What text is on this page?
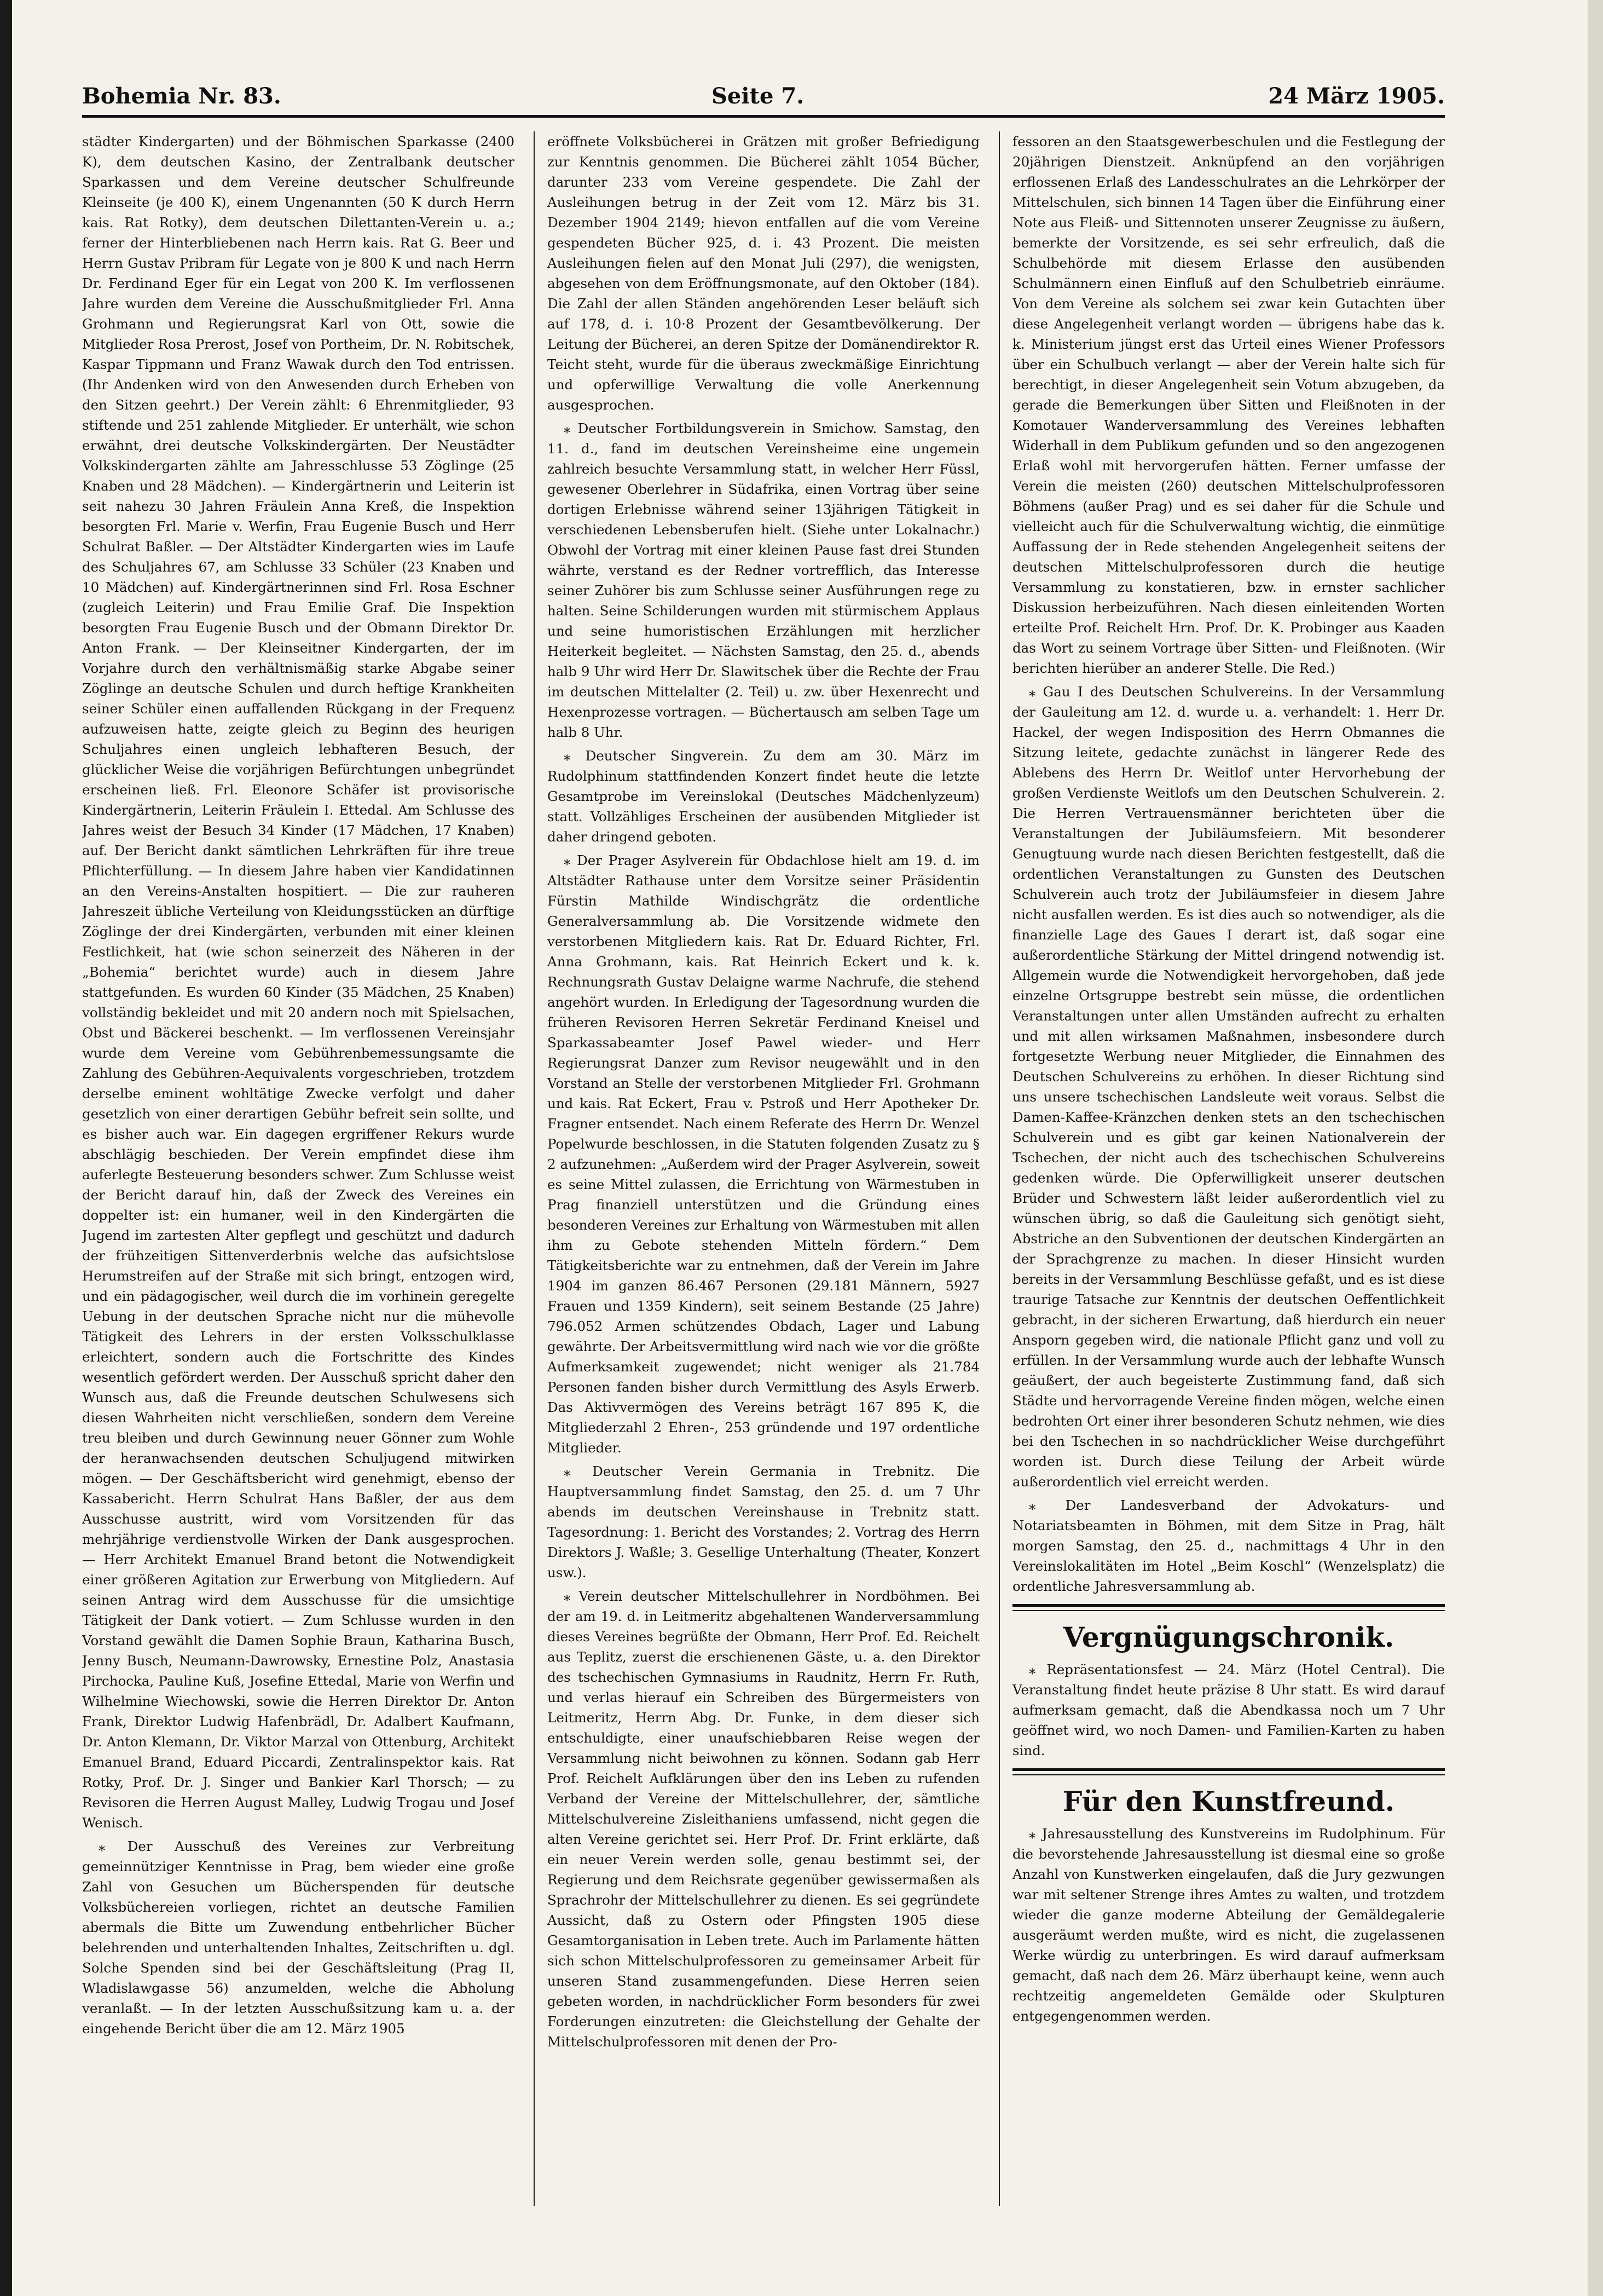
Bohemia Nr. 83.	Seite 7.	24 März 1905.

städter Kindergarten) und der Böhmischen Sparkasse (2400 K), dem deutschen Kasino, der Zentralbank deutscher Sparkassen und dem Vereine deutscher Schulfreunde Kleinseite (je 400 K), einem Ungenannten (50 K durch Herrn kais. Rat Rotky), dem deutschen Dilettanten-Verein u. a.; ferner der Hinterbliebenen nach Herrn kais. Rat G. Beer und Herrn Gustav Pribram für Legate von je 800 K und nach Herrn Dr. Ferdinand Eger für ein Legat von 200 K. Im verflossenen Jahre wurden dem Vereine die Ausschußmitglieder Frl. Anna Grohmann und Regierungsrat Karl von Ott, sowie die Mitglieder Rosa Prerost, Josef von Portheim, Dr. N. Robitschek, Kaspar Tippmann und Franz Wawak durch den Tod entrissen. (Ihr Andenken wird von den Anwesenden durch Erheben von den Sitzen geehrt.) Der Verein zählt: 6 Ehrenmitglieder, 93 stiftende und 251 zahlende Mitglieder. Er unterhält, wie schon erwähnt, drei deutsche Volkskindergärten. Der Neustädter Volkskindergarten zählte am Jahresschlusse 53 Zöglinge (25 Knaben und 28 Mädchen). — Kindergärtnerin und Leiterin ist seit nahezu 30 Jahren Fräulein Anna Kreß, die Inspektion besorgten Frl. Marie v. Werfin, Frau Eugenie Busch und Herr Schulrat Baßler. — Der Altstädter Kindergarten wies im Laufe des Schuljahres 67, am Schlusse 33 Schüler (23 Knaben und 10 Mädchen) auf. Kindergärtnerinnen sind Frl. Rosa Eschner (zugleich Leiterin) und Frau Emilie Graf. Die Inspektion besorgten Frau Eugenie Busch und der Obmann Direktor Dr. Anton Frank. — Der Kleinseitner Kindergarten, der im Vorjahre durch den verhältnismäßig starke Abgabe seiner Zöglinge an deutsche Schulen und durch heftige Krankheiten seiner Schüler einen auffallenden Rückgang in der Frequenz aufzuweisen hatte, zeigte gleich zu Beginn des heurigen Schuljahres einen ungleich lebhafteren Besuch, der glücklicher Weise die vorjährigen Befürchtungen unbegründet erscheinen ließ. Frl. Eleonore Schäfer ist provisorische Kindergärtnerin, Leiterin Fräulein I. Ettedal. Am Schlusse des Jahres weist der Besuch 34 Kinder (17 Mädchen, 17 Knaben) auf. Der Bericht dankt sämtlichen Lehrkräften für ihre treue Pflichterfüllung. — In diesem Jahre haben vier Kandidatinnen an den Vereins-Anstalten hospitiert. — Die zur rauheren Jahreszeit übliche Verteilung von Kleidungsstücken an dürftige Zöglinge der drei Kindergärten, verbunden mit einer kleinen Festlichkeit, hat (wie schon seinerzeit des Näheren in der „Bohemia“ berichtet wurde) auch in diesem Jahre stattgefunden. Es wurden 60 Kinder (35 Mädchen, 25 Knaben) vollständig bekleidet und mit 20 andern noch mit Spielsachen, Obst und Bäckerei beschenkt. — Im verflossenen Vereinsjahr wurde dem Vereine vom Gebührenbemessungsamte die Zahlung des Gebühren-Aequivalents vorgeschrieben, trotzdem derselbe eminent wohltätige Zwecke verfolgt und daher gesetzlich von einer derartigen Gebühr befreit sein sollte, und es bisher auch war. Ein dagegen ergriffener Rekurs wurde abschlägig beschieden. Der Verein empfindet diese ihm auferlegte Besteuerung besonders schwer. Zum Schlusse weist der Bericht darauf hin, daß der Zweck des Vereines ein doppelter ist: ein humaner, weil in den Kindergärten die Jugend im zartesten Alter gepflegt und geschützt und dadurch der frühzeitigen Sittenverderbnis welche das aufsichtslose Herumstreifen auf der Straße mit sich bringt, entzogen wird, und ein pädagogischer, weil durch die im vorhinein geregelte Uebung in der deutschen Sprache nicht nur die mühevolle Tätigkeit des Lehrers in der ersten Volksschulklasse erleichtert, sondern auch die Fortschritte des Kindes wesentlich gefördert werden. Der Ausschuß spricht daher den Wunsch aus, daß die Freunde deutschen Schulwesens sich diesen Wahrheiten nicht verschließen, sondern dem Vereine treu bleiben und durch Gewinnung neuer Gönner zum Wohle der heranwachsenden deutschen Schuljugend mitwirken mögen. — Der Geschäftsbericht wird genehmigt, ebenso der Kassabericht. Herrn Schulrat Hans Baßler, der aus dem Ausschusse austritt, wird vom Vorsitzenden für das mehrjährige verdienstvolle Wirken der Dank ausgesprochen. — Herr Architekt Emanuel Brand betont die Notwendigkeit einer größeren Agitation zur Erwerbung von Mitgliedern. Auf seinen Antrag wird dem Ausschusse für die umsichtige Tätigkeit der Dank votiert. — Zum Schlusse wurden in den Vorstand gewählt die Damen Sophie Braun, Katharina Busch, Jenny Busch, Neumann-Dawrowsky, Ernestine Polz, Anastasia Pirchocka, Pauline Kuß, Josefine Ettedal, Marie von Werfin und Wilhelmine Wiechowski, sowie die Herren Direktor Dr. Anton Frank, Direktor Ludwig Hafenbrädl, Dr. Adalbert Kaufmann, Dr. Anton Klemann, Dr. Viktor Marzal von Ottenburg, Architekt Emanuel Brand, Eduard Piccardi, Zentralinspektor kais. Rat Rotky, Prof. Dr. J. Singer und Bankier Karl Thorsch; — zu Revisoren die Herren August Malley, Ludwig Trogau und Josef Wenisch.

⁎ Der Ausschuß des Vereines zur Verbreitung gemeinnütziger Kenntnisse in Prag, bem wieder eine große Zahl von Gesuchen um Bücherspenden für deutsche Volksbüchereien vorliegen, richtet an deutsche Familien abermals die Bitte um Zuwendung entbehrlicher Bücher belehrenden und unterhaltenden Inhaltes, Zeitschriften u. dgl. Solche Spenden sind bei der Geschäftsleitung (Prag II, Wladislawgasse 56) anzumelden, welche die Abholung veranlaßt. — In der letzten Ausschußsitzung kam u. a. der eingehende Bericht über die am 12. März 1905

eröffnete Volksbücherei in Grätzen mit großer Befriedigung zur Kenntnis genommen. Die Bücherei zählt 1054 Bücher, darunter 233 vom Vereine gespendete. Die Zahl der Ausleihungen betrug in der Zeit vom 12. März bis 31. Dezember 1904 2149; hievon entfallen auf die vom Vereine gespendeten Bücher 925, d. i. 43 Prozent. Die meisten Ausleihungen fielen auf den Monat Juli (297), die wenigsten, abgesehen von dem Eröffnungsmonate, auf den Oktober (184). Die Zahl der allen Ständen angehörenden Leser beläuft sich auf 178, d. i. 10·8 Prozent der Gesamtbevölkerung. Der Leitung der Bücherei, an deren Spitze der Domänendirektor R. Teicht steht, wurde für die überaus zweckmäßige Einrichtung und opferwillige Verwaltung die volle Anerkennung ausgesprochen.

⁎ Deutscher Fortbildungsverein in Smichow. Samstag, den 11. d., fand im deutschen Vereinsheime eine ungemein zahlreich besuchte Versammlung statt, in welcher Herr Füssl, gewesener Oberlehrer in Südafrika, einen Vortrag über seine dortigen Erlebnisse während seiner 13jährigen Tätigkeit in verschiedenen Lebensberufen hielt. (Siehe unter Lokalnachr.) Obwohl der Vortrag mit einer kleinen Pause fast drei Stunden währte, verstand es der Redner vortrefflich, das Interesse seiner Zuhörer bis zum Schlusse seiner Ausführungen rege zu halten. Seine Schilderungen wurden mit stürmischem Applaus und seine humoristischen Erzählungen mit herzlicher Heiterkeit begleitet. — Nächsten Samstag, den 25. d., abends halb 9 Uhr wird Herr Dr. Slawitschek über die Rechte der Frau im deutschen Mittelalter (2. Teil) u. zw. über Hexenrecht und Hexenprozesse vortragen. — Büchertausch am selben Tage um halb 8 Uhr.

⁎ Deutscher Singverein. Zu dem am 30. März im Rudolphinum stattfindenden Konzert findet heute die letzte Gesamtprobe im Vereinslokal (Deutsches Mädchenlyzeum) statt. Vollzähliges Erscheinen der ausübenden Mitglieder ist daher dringend geboten.

⁎ Der Prager Asylverein für Obdachlose hielt am 19. d. im Altstädter Rathause unter dem Vorsitze seiner Präsidentin Fürstin Mathilde Windischgrätz die ordentliche Generalversammlung ab. Die Vorsitzende widmete den verstorbenen Mitgliedern kais. Rat Dr. Eduard Richter, Frl. Anna Grohmann, kais. Rat Heinrich Eckert und k. k. Rechnungsrath Gustav Delaigne warme Nachrufe, die stehend angehört wurden. In Erledigung der Tagesordnung wurden die früheren Revisoren Herren Sekretär Ferdinand Kneisel und Sparkassabeamter Josef Pawel wieder- und Herr Regierungsrat Danzer zum Revisor neugewählt und in den Vorstand an Stelle der verstorbenen Mitglieder Frl. Grohmann und kais. Rat Eckert, Frau v. Pstroß und Herr Apotheker Dr. Fragner entsendet. Nach einem Referate des Herrn Dr. Wenzel Popelwurde beschlossen, in die Statuten folgenden Zusatz zu § 2 aufzunehmen: „Außerdem wird der Prager Asylverein, soweit es seine Mittel zulassen, die Errichtung von Wärmestuben in Prag finanziell unterstützen und die Gründung eines besonderen Vereines zur Erhaltung von Wärmestuben mit allen ihm zu Gebote stehenden Mitteln fördern.“ Dem Tätigkeitsberichte war zu entnehmen, daß der Verein im Jahre 1904 im ganzen 86.467 Personen (29.181 Männern, 5927 Frauen und 1359 Kindern), seit seinem Bestande (25 Jahre) 796.052 Armen schützendes Obdach, Lager und Labung gewährte. Der Arbeitsvermittlung wird nach wie vor die größte Aufmerksamkeit zugewendet; nicht weniger als 21.784 Personen fanden bisher durch Vermittlung des Asyls Erwerb. Das Aktivvermögen des Vereins beträgt 167 895 K, die Mitgliederzahl 2 Ehren-, 253 gründende und 197 ordentliche Mitglieder.

⁎ Deutscher Verein Germania in Trebnitz. Die Hauptversammlung findet Samstag, den 25. d. um 7 Uhr abends im deutschen Vereinshause in Trebnitz statt. Tagesordnung: 1. Bericht des Vorstandes; 2. Vortrag des Herrn Direktors J. Waßle; 3. Gesellige Unterhaltung (Theater, Konzert usw.).

⁎ Verein deutscher Mittelschullehrer in Nordböhmen. Bei der am 19. d. in Leitmeritz abgehaltenen Wanderversammlung dieses Vereines begrüßte der Obmann, Herr Prof. Ed. Reichelt aus Teplitz, zuerst die erschienenen Gäste, u. a. den Direktor des tschechischen Gymnasiums in Raudnitz, Herrn Fr. Ruth, und verlas hierauf ein Schreiben des Bürgermeisters von Leitmeritz, Herrn Abg. Dr. Funke, in dem dieser sich entschuldigte, einer unaufschiebbaren Reise wegen der Versammlung nicht beiwohnen zu können. Sodann gab Herr Prof. Reichelt Aufklärungen über den ins Leben zu rufenden Verband der Vereine der Mittelschullehrer, der, sämtliche Mittelschulvereine Zisleithaniens umfassend, nicht gegen die alten Vereine gerichtet sei. Herr Prof. Dr. Frint erklärte, daß ein neuer Verein werden solle, genau bestimmt sei, der Regierung und dem Reichsrate gegenüber gewissermaßen als Sprachrohr der Mittelschullehrer zu dienen. Es sei gegründete Aussicht, daß zu Ostern oder Pfingsten 1905 diese Gesamtorganisation in Leben trete. Auch im Parlamente hätten sich schon Mittelschulprofessoren zu gemeinsamer Arbeit für unseren Stand zusammengefunden. Diese Herren seien gebeten worden, in nachdrücklicher Form besonders für zwei Forderungen einzutreten: die Gleichstellung der Gehalte der Mittelschulprofessoren mit denen der Pro-

fessoren an den Staatsgewerbeschulen und die Festlegung der 20jährigen Dienstzeit. Anknüpfend an den vorjährigen erflossenen Erlaß des Landesschulrates an die Lehrkörper der Mittelschulen, sich binnen 14 Tagen über die Einführung einer Note aus Fleiß- und Sittennoten unserer Zeugnisse zu äußern, bemerkte der Vorsitzende, es sei sehr erfreulich, daß die Schulbehörde mit diesem Erlasse den ausübenden Schulmännern einen Einfluß auf den Schulbetrieb einräume. Von dem Vereine als solchem sei zwar kein Gutachten über diese Angelegenheit verlangt worden — übrigens habe das k. k. Ministerium jüngst erst das Urteil eines Wiener Professors über ein Schulbuch verlangt — aber der Verein halte sich für berechtigt, in dieser Angelegenheit sein Votum abzugeben, da gerade die Bemerkungen über Sitten und Fleißnoten in der Komotauer Wanderversammlung des Vereines lebhaften Widerhall in dem Publikum gefunden und so den angezogenen Erlaß wohl mit hervorgerufen hätten. Ferner umfasse der Verein die meisten (260) deutschen Mittelschulprofessoren Böhmens (außer Prag) und es sei daher für die Schule und vielleicht auch für die Schulverwaltung wichtig, die einmütige Auffassung der in Rede stehenden Angelegenheit seitens der deutschen Mittelschulprofessoren durch die heutige Versammlung zu konstatieren, bzw. in ernster sachlicher Diskussion herbeizuführen. Nach diesen einleitenden Worten erteilte Prof. Reichelt Hrn. Prof. Dr. K. Probinger aus Kaaden das Wort zu seinem Vortrage über Sitten- und Fleißnoten. (Wir berichten hierüber an anderer Stelle. Die Red.)

⁎ Gau I des Deutschen Schulvereins. In der Versammlung der Gauleitung am 12. d. wurde u. a. verhandelt: 1. Herr Dr. Hackel, der wegen Indisposition des Herrn Obmannes die Sitzung leitete, gedachte zunächst in längerer Rede des Ablebens des Herrn Dr. Weitlof unter Hervorhebung der großen Verdienste Weitlofs um den Deutschen Schulverein. 2. Die Herren Vertrauensmänner berichteten über die Veranstaltungen der Jubiläumsfeiern. Mit besonderer Genugtuung wurde nach diesen Berichten festgestellt, daß die ordentlichen Veranstaltungen zu Gunsten des Deutschen Schulverein auch trotz der Jubiläumsfeier in diesem Jahre nicht ausfallen werden. Es ist dies auch so notwendiger, als die finanzielle Lage des Gaues I derart ist, daß sogar eine außerordentliche Stärkung der Mittel dringend notwendig ist. Allgemein wurde die Notwendigkeit hervorgehoben, daß jede einzelne Ortsgruppe bestrebt sein müsse, die ordentlichen Veranstaltungen unter allen Umständen aufrecht zu erhalten und mit allen wirksamen Maßnahmen, insbesondere durch fortgesetzte Werbung neuer Mitglieder, die Einnahmen des Deutschen Schulvereins zu erhöhen. In dieser Richtung sind uns unsere tschechischen Landsleute weit voraus. Selbst die Damen-Kaffee-Kränzchen denken stets an den tschechischen Schulverein und es gibt gar keinen Nationalverein der Tschechen, der nicht auch des tschechischen Schulvereins gedenken würde. Die Opferwilligkeit unserer deutschen Brüder und Schwestern läßt leider außerordentlich viel zu wünschen übrig, so daß die Gauleitung sich genötigt sieht, Abstriche an den Subventionen der deutschen Kindergärten an der Sprachgrenze zu machen. In dieser Hinsicht wurden bereits in der Versammlung Beschlüsse gefaßt, und es ist diese traurige Tatsache zur Kenntnis der deutschen Oeffentlichkeit gebracht, in der sicheren Erwartung, daß hierdurch ein neuer Ansporn gegeben wird, die nationale Pflicht ganz und voll zu erfüllen. In der Versammlung wurde auch der lebhafte Wunsch geäußert, der auch begeisterte Zustimmung fand, daß sich Städte und hervorragende Vereine finden mögen, welche einen bedrohten Ort einer ihrer besonderen Schutz nehmen, wie dies bei den Tschechen in so nachdrücklicher Weise durchgeführt worden ist. Durch diese Teilung der Arbeit würde außerordentlich viel erreicht werden.

⁎ Der Landesverband der Advokaturs- und Notariatsbeamten in Böhmen, mit dem Sitze in Prag, hält morgen Samstag, den 25. d., nachmittags 4 Uhr in den Vereinslokalitäten im Hotel „Beim Koschl“ (Wenzelsplatz) die ordentliche Jahresversammlung ab.

Vergnügungschronik.

⁎ Repräsentationsfest — 24. März (Hotel Central). Die Veranstaltung findet heute präzise 8 Uhr statt. Es wird darauf aufmerksam gemacht, daß die Abendkassa noch um 7 Uhr geöffnet wird, wo noch Damen- und Familien-Karten zu haben sind.

Für den Kunstfreund.

⁎ Jahresausstellung des Kunstvereins im Rudolphinum. Für die bevorstehende Jahresausstellung ist diesmal eine so große Anzahl von Kunstwerken eingelaufen, daß die Jury gezwungen war mit seltener Strenge ihres Amtes zu walten, und trotzdem wieder die ganze moderne Abteilung der Gemäldegalerie ausgeräumt werden mußte, wird es nicht, die zugelassenen Werke würdig zu unterbringen. Es wird darauf aufmerksam gemacht, daß nach dem 26. März überhaupt keine, wenn auch rechtzeitig angemeldeten Gemälde oder Skulpturen entgegengenommen werden.
